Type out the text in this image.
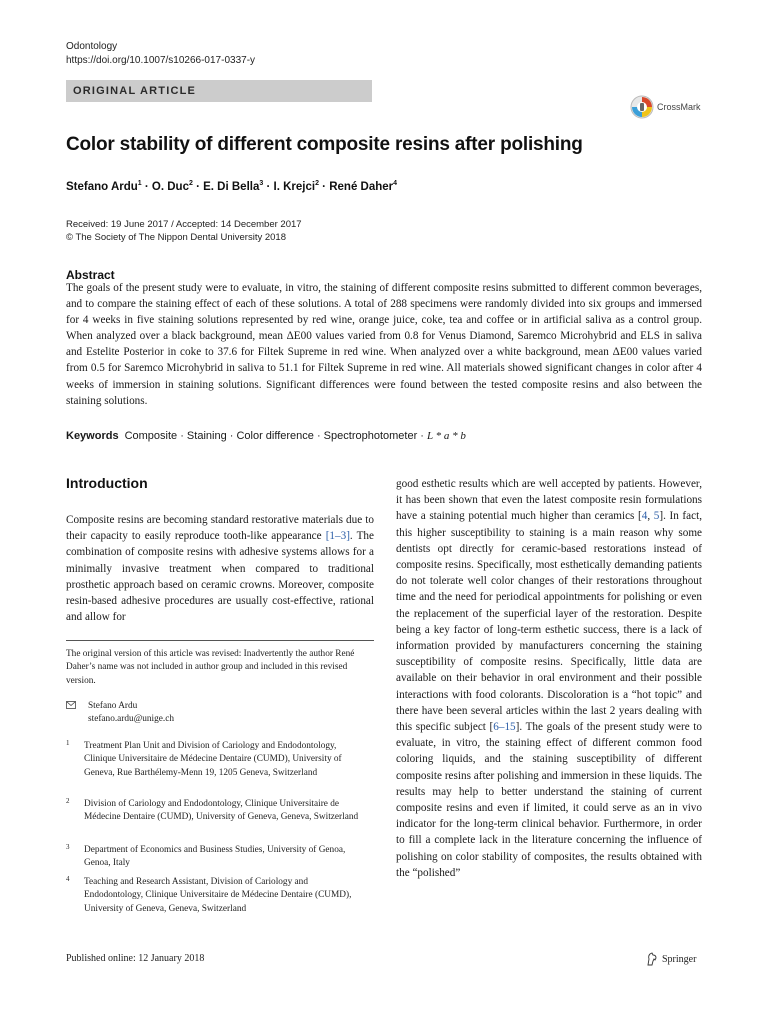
Odontology
https://doi.org/10.1007/s10266-017-0337-y
ORIGINAL ARTICLE
CrossMark
Color stability of different composite resins after polishing
Stefano Ardu$^1$ · O. Duc$^2$ · E. Di Bella$^3$ · I. Krejci$^2$ · René Daher$^4$
Received: 19 June 2017 / Accepted: 14 December 2017
© The Society of The Nippon Dental University 2018
Abstract
The goals of the present study were to evaluate, in vitro, the staining of different composite resins submitted to different common beverages, and to compare the staining effect of each of these solutions. A total of 288 specimens were randomly divided into six groups and immersed for 4 weeks in five staining solutions represented by red wine, orange juice, coke, tea and coffee or in artificial saliva as a control group. When analyzed over a black background, mean ΔE00 values varied from 0.8 for Venus Diamond, Saremco Microhybrid and ELS in saliva and Estelite Posterior in coke to 37.6 for Filtek Supreme in red wine. When analyzed over a white background, mean ΔE00 values varied from 0.5 for Saremco Microhybrid in saliva to 51.1 for Filtek Supreme in red wine. All materials showed significant changes in color after 4 weeks of immersion in staining solutions. Significant differences were found between the tested composite resins and also between the staining solutions.
Keywords Composite · Staining · Color difference · Spectrophotometer · L * a * b
Introduction
Composite resins are becoming standard restorative materials due to their capacity to easily reproduce tooth-like appearance [1–3]. The combination of composite resins with adhesive systems allows for a minimally invasive treatment when compared to traditional prosthetic approach based on ceramic crowns. Moreover, composite resin-based adhesive procedures are usually cost-effective, rational and allow for
good esthetic results which are well accepted by patients. However, it has been shown that even the latest composite resin formulations have a staining potential much higher than ceramics [4, 5]. In fact, this higher susceptibility to staining is a main reason why some dentists opt directly for ceramic-based restorations instead of composite resins. Specifically, most esthetically demanding patients do not tolerate well color changes of their restorations throughout time and the need for periodical appointments for polishing or even the replacement of the superficial layer of the restoration. Despite being a key factor of long-term esthetic success, there is a lack of information provided by manufacturers concerning the staining susceptibility of composite resins. Specifically, little data are available on their behavior in oral environment and their possible interactions with food colorants. Discoloration is a “hot topic” and there have been several articles within the last 2 years dealing with this specific subject [6–15]. The goals of the present study were to evaluate, in vitro, the staining effect of different common food coloring liquids, and the staining susceptibility of different composite resins after polishing and immersion in these liquids. The results may help to better understand the staining of current composite resins and even if limited, it could serve as an in vivo indicator for the long-term clinical behavior. Furthermore, in order to fill a complete lack in the literature concerning the influence of polishing on color stability of composites, the results obtained with the “polished”
The original version of this article was revised: Inadvertently the author René Daher’s name was not included in author group and included in this revised version.
Stefano Ardu
stefano.ardu@unige.ch
1 Treatment Plan Unit and Division of Cariology and Endodontology, Clinique Universitaire de Médecine Dentaire (CUMD), University of Geneva, Rue Barthélemy-Menn 19, 1205 Geneva, Switzerland
2 Division of Cariology and Endodontology, Clinique Universitaire de Médecine Dentaire (CUMD), University of Geneva, Geneva, Switzerland
3 Department of Economics and Business Studies, University of Genoa, Genoa, Italy
4 Teaching and Research Assistant, Division of Cariology and Endodontology, Clinique Universitaire de Médecine Dentaire (CUMD), University of Geneva, Geneva, Switzerland
Published online: 12 January 2018	Springer
